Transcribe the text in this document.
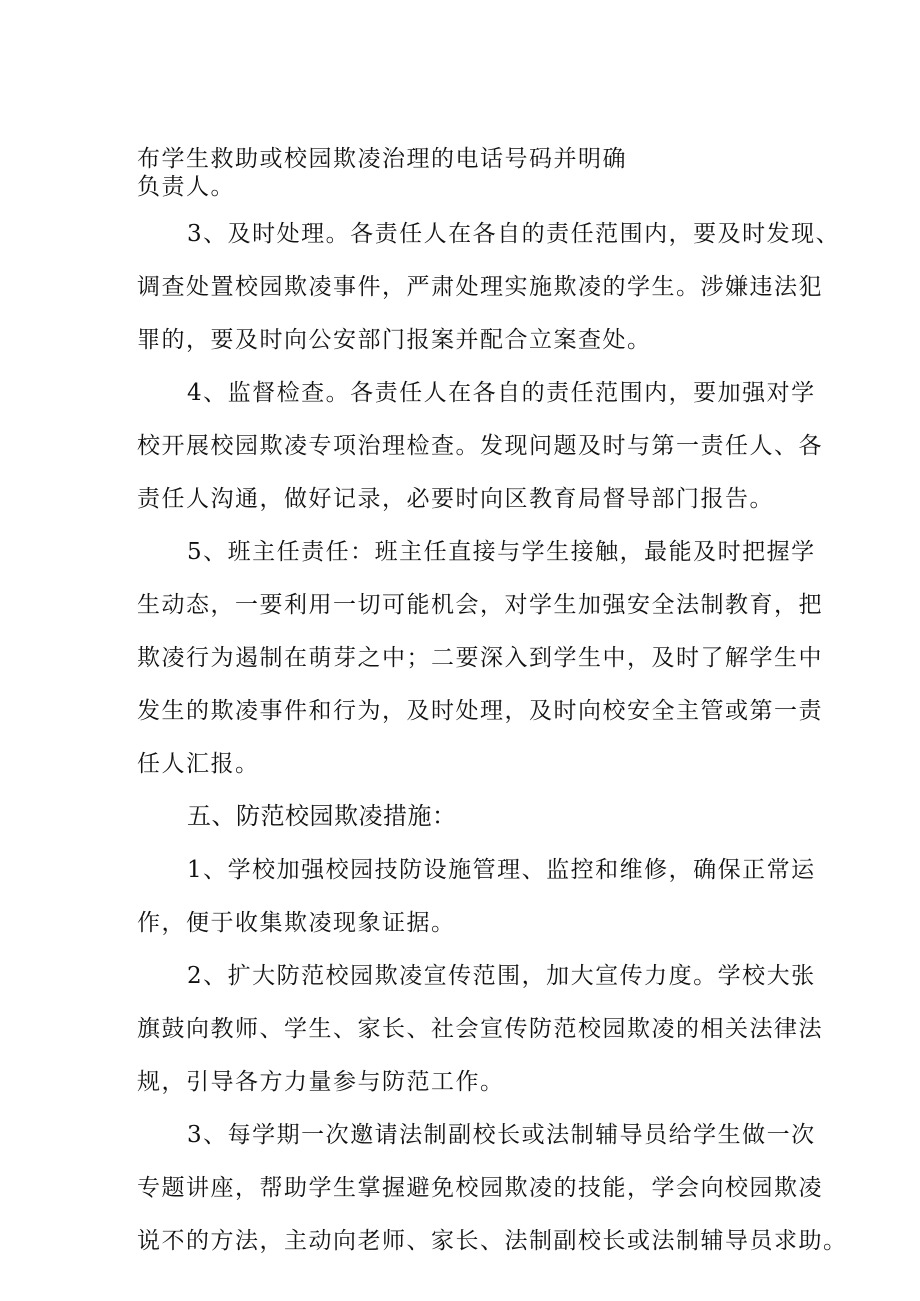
布学生救助或校园欺凌治理的电话号码并明确
负责人。
3、及时处理。各责任人在各自的责任范围内，要及时发现、
调查处置校园欺凌事件，严肃处理实施欺凌的学生。涉嫌违法犯
罪的，要及时向公安部门报案并配合立案查处。
4、监督检查。各责任人在各自的责任范围内，要加强对学
校开展校园欺凌专项治理检查。发现问题及时与第一责任人、各
责任人沟通，做好记录，必要时向区教育局督导部门报告。
5、班主任责任：班主任直接与学生接触，最能及时把握学
生动态，一要利用一切可能机会，对学生加强安全法制教育，把
欺凌行为遏制在萌芽之中；二要深入到学生中，及时了解学生中
发生的欺凌事件和行为，及时处理，及时向校安全主管或第一责
任人汇报。
五、防范校园欺凌措施：
1、学校加强校园技防设施管理、监控和维修，确保正常运
作，便于收集欺凌现象证据。
2、扩大防范校园欺凌宣传范围，加大宣传力度。学校大张
旗鼓向教师、学生、家长、社会宣传防范校园欺凌的相关法律法
规，引导各方力量参与防范工作。
3、每学期一次邀请法制副校长或法制辅导员给学生做一次
专题讲座，帮助学生掌握避免校园欺凌的技能，学会向校园欺凌
说不的方法，主动向老师、家长、法制副校长或法制辅导员求助。
